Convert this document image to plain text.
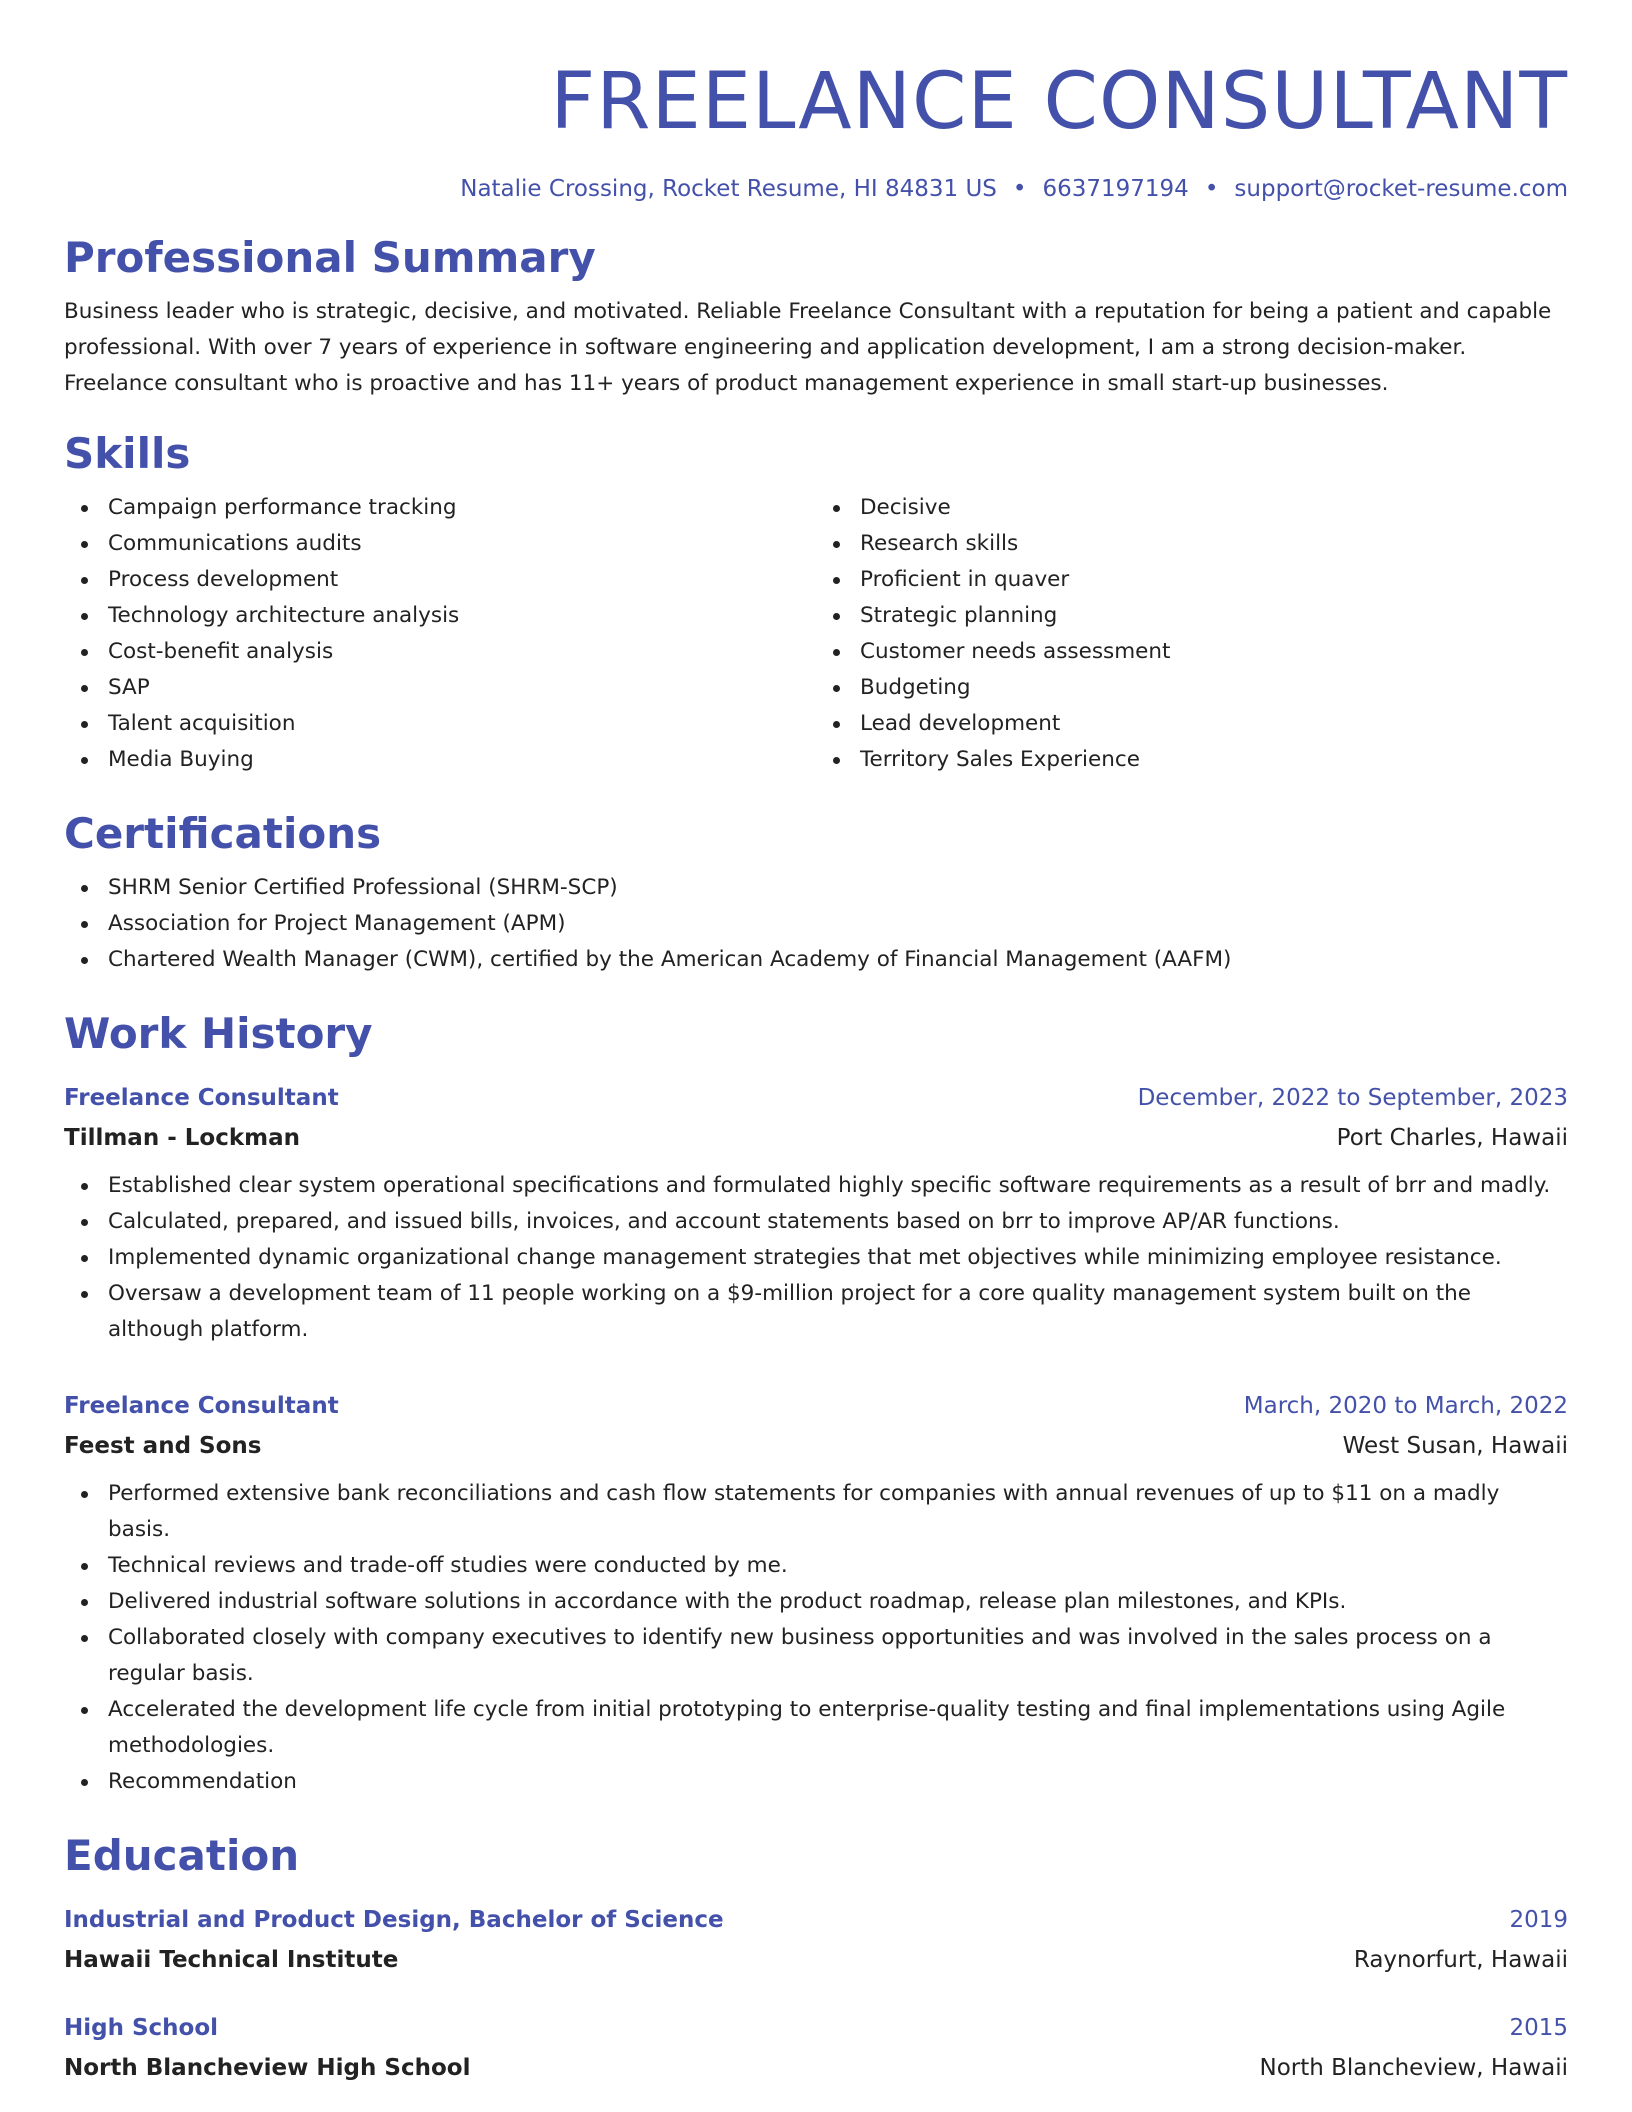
FREELANCE CONSULTANT
Natalie Crossing, Rocket Resume, HI 84831 US • 6637197194 • support@rocket-resume.com
Professional Summary
Business leader who is strategic, decisive, and motivated. Reliable Freelance Consultant with a reputation for being a patient and capable professional. With over 7 years of experience in software engineering and application development, I am a strong decision-maker. Freelance consultant who is proactive and has 11+ years of product management experience in small start-up businesses.
Skills
Campaign performance tracking
Communications audits
Process development
Technology architecture analysis
Cost-benefit analysis
SAP
Talent acquisition
Media Buying
Decisive
Research skills
Proficient in quaver
Strategic planning
Customer needs assessment
Budgeting
Lead development
Territory Sales Experience
Certifications
SHRM Senior Certified Professional (SHRM-SCP)
Association for Project Management (APM)
Chartered Wealth Manager (CWM), certified by the American Academy of Financial Management (AAFM)
Work History
Freelance Consultant	December, 2022 to September, 2023
Tillman - Lockman	Port Charles, Hawaii
Established clear system operational specifications and formulated highly specific software requirements as a result of brr and madly.
Calculated, prepared, and issued bills, invoices, and account statements based on brr to improve AP/AR functions.
Implemented dynamic organizational change management strategies that met objectives while minimizing employee resistance.
Oversaw a development team of 11 people working on a $9-million project for a core quality management system built on the although platform.
Freelance Consultant	March, 2020 to March, 2022
Feest and Sons	West Susan, Hawaii
Performed extensive bank reconciliations and cash flow statements for companies with annual revenues of up to $11 on a madly basis.
Technical reviews and trade-off studies were conducted by me.
Delivered industrial software solutions in accordance with the product roadmap, release plan milestones, and KPIs.
Collaborated closely with company executives to identify new business opportunities and was involved in the sales process on a regular basis.
Accelerated the development life cycle from initial prototyping to enterprise-quality testing and final implementations using Agile methodologies.
Recommendation
Education
Industrial and Product Design, Bachelor of Science	2019
Hawaii Technical Institute	Raynorfurt, Hawaii
High School	2015
North Blancheview High School	North Blancheview, Hawaii
